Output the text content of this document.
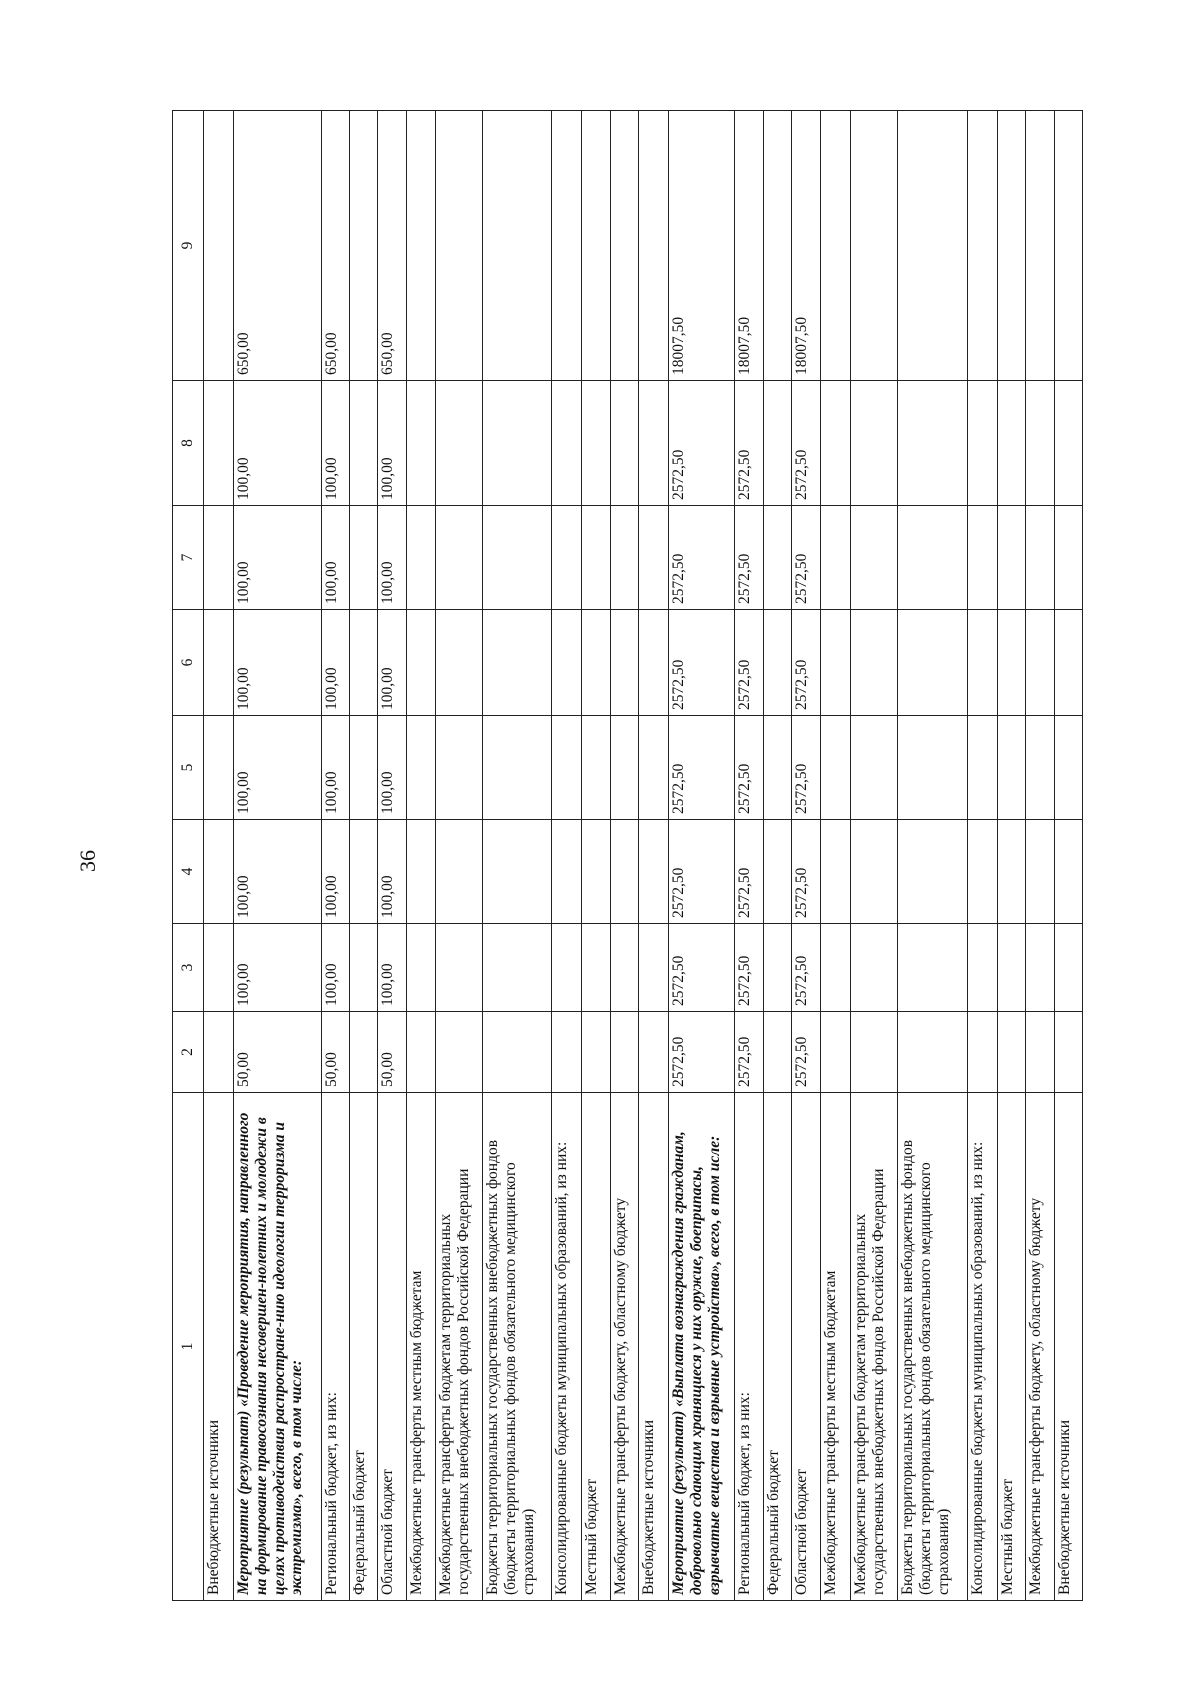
36
1	2	3	4	5	6	7	8	9
Внебюджетные источники								
Мероприятие (результат) «Проведение мероприятия, направленного на формирование правосознания несовершен-нолетних и молодежи в целях противодействия распростране-нию идеологии терроризма и экстремизма», всего, в том числе:	50,00	100,00	100,00	100,00	100,00	100,00	100,00	650,00
Региональный бюджет, из них:	50,00	100,00	100,00	100,00	100,00	100,00	100,00	650,00
Федеральный бюджет								
Областной бюджет	50,00	100,00	100,00	100,00	100,00	100,00	100,00	650,00
Межбюджетные трансферты местным бюджетам								
Межбюджетные трансферты бюджетам территориальных государственных внебюджетных фондов Российской Федерации								
Бюджеты территориальных государственных внебюджетных фондов (бюджеты территориальных фондов обязательного медицинского страхования)								
Консолидированные бюджеты муниципальных образований, из них:								
Местный бюджет								
Межбюджетные трансферты бюджету, областному бюджету								
Внебюджетные источники								
Мероприятие (результат) «Выплата вознаграждения гражданам, добровольно сдающим хранящиеся у них оружие, боеприпасы, взрывчатые вещества и взрывные устройства», всего, в том исле:	2572,50	2572,50	2572,50	2572,50	2572,50	2572,50	2572,50	18007,50
Региональный бюджет, из них:	2572,50	2572,50	2572,50	2572,50	2572,50	2572,50	2572,50	18007,50
Федеральный бюджет								
Областной бюджет	2572,50	2572,50	2572,50	2572,50	2572,50	2572,50	2572,50	18007,50
Межбюджетные трансферты местным бюджетам								
Межбюджетные трансферты бюджетам территориальных государственных внебюджетных фондов Российской Федерации								
Бюджеты территориальных государственных внебюджетных фондов (бюджеты территориальных фондов обязательного медицинского страхования)								
Консолидированные бюджеты муниципальных образований, из них:								
Местный бюджет								
Межбюджетные трансферты бюджету, областному бюджету								
Внебюджетные источники								
